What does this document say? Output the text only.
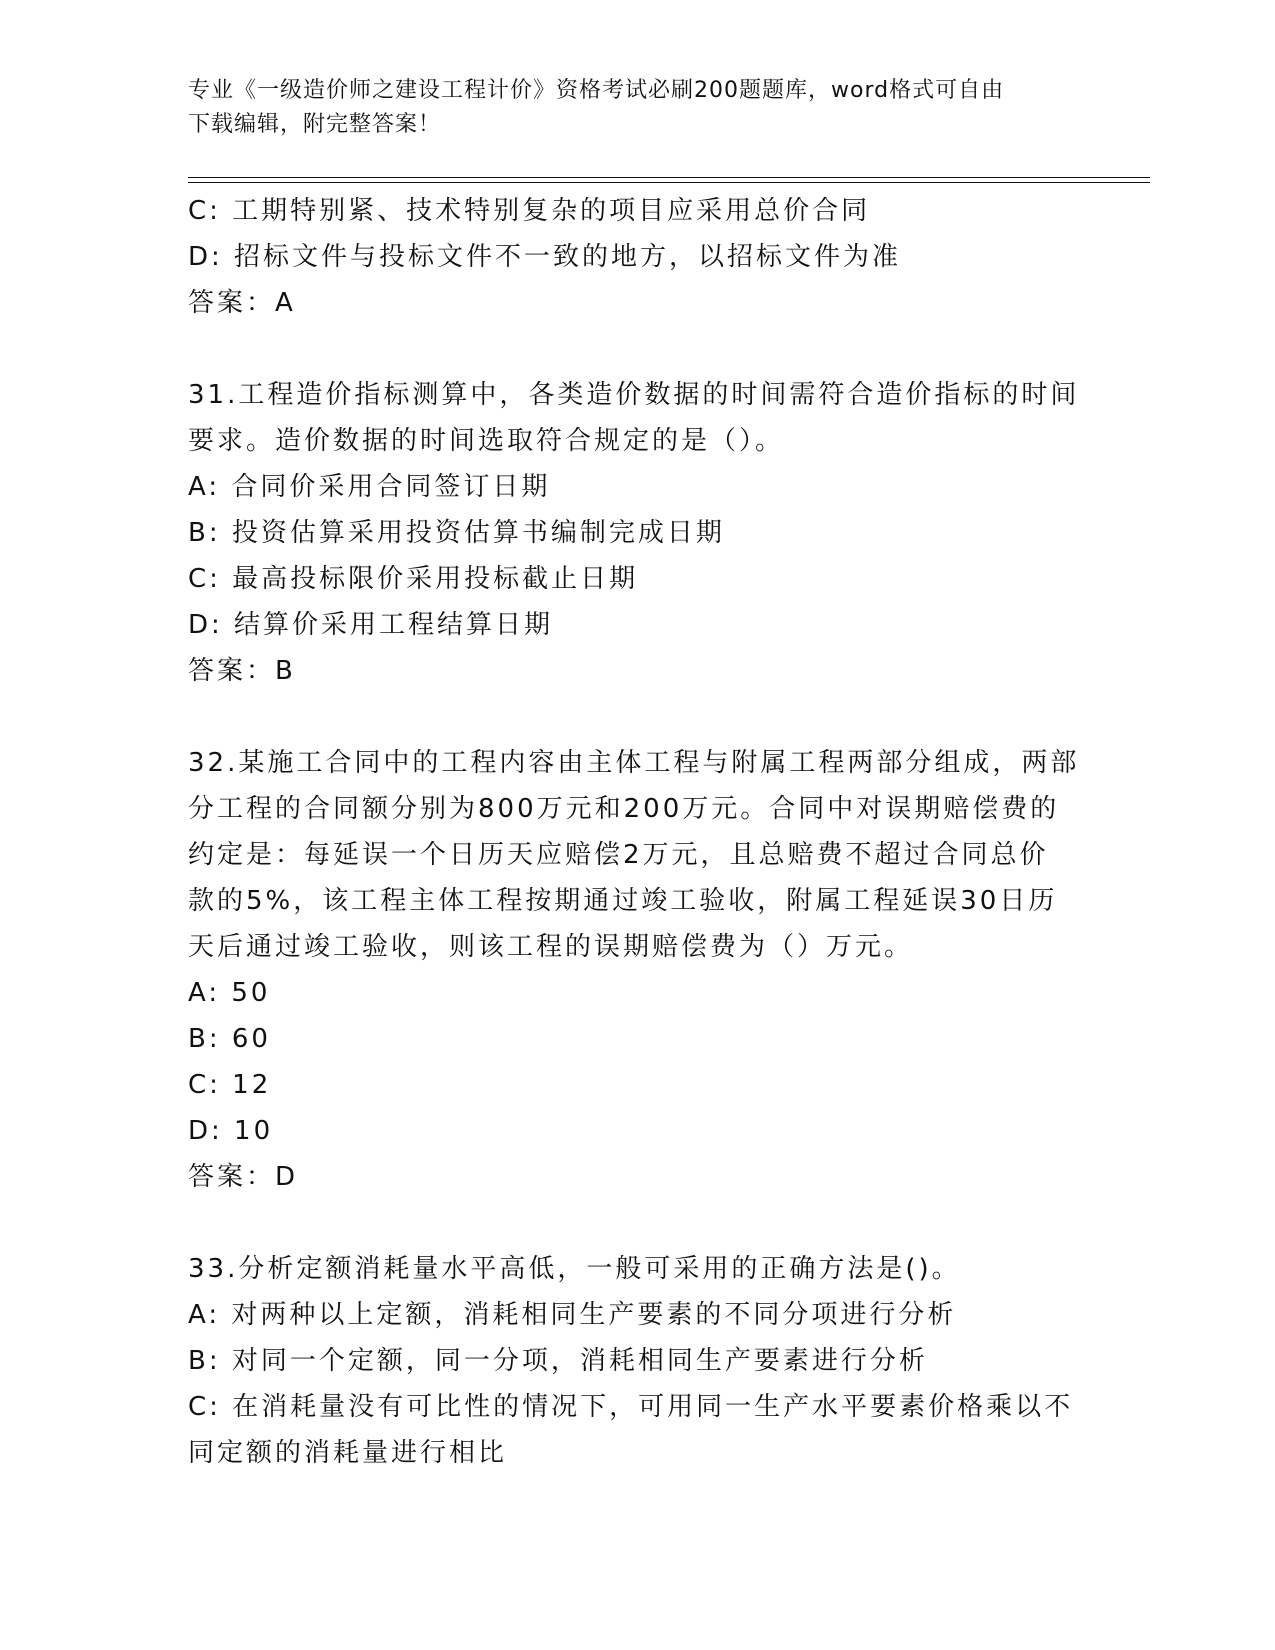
专业《一级造价师之建设工程计价》资格考试必刷200题题库，word格式可自由

下载编辑，附完整答案！

C: 工期特别紧、技术特别复杂的项目应采用总价合同

D: 招标文件与投标文件不一致的地方，以招标文件为准

答案：A

31.工程造价指标测算中，各类造价数据的时间需符合造价指标的时间

要求。造价数据的时间选取符合规定的是（）。

A: 合同价采用合同签订日期

B: 投资估算采用投资估算书编制完成日期

C: 最高投标限价采用投标截止日期

D: 结算价采用工程结算日期

答案：B

32.某施工合同中的工程内容由主体工程与附属工程两部分组成，两部

分工程的合同额分别为800万元和200万元。合同中对误期赔偿费的

约定是：每延误一个日历天应赔偿2万元，且总赔费不超过合同总价

款的5%，该工程主体工程按期通过竣工验收，附属工程延误30日历

天后通过竣工验收，则该工程的误期赔偿费为（）万元。

A: 50

B: 60

C: 12

D: 10

答案：D

33.分析定额消耗量水平高低，一般可采用的正确方法是()。

A: 对两种以上定额，消耗相同生产要素的不同分项进行分析

B: 对同一个定额，同一分项，消耗相同生产要素进行分析

C: 在消耗量没有可比性的情况下，可用同一生产水平要素价格乘以不

同定额的消耗量进行相比
